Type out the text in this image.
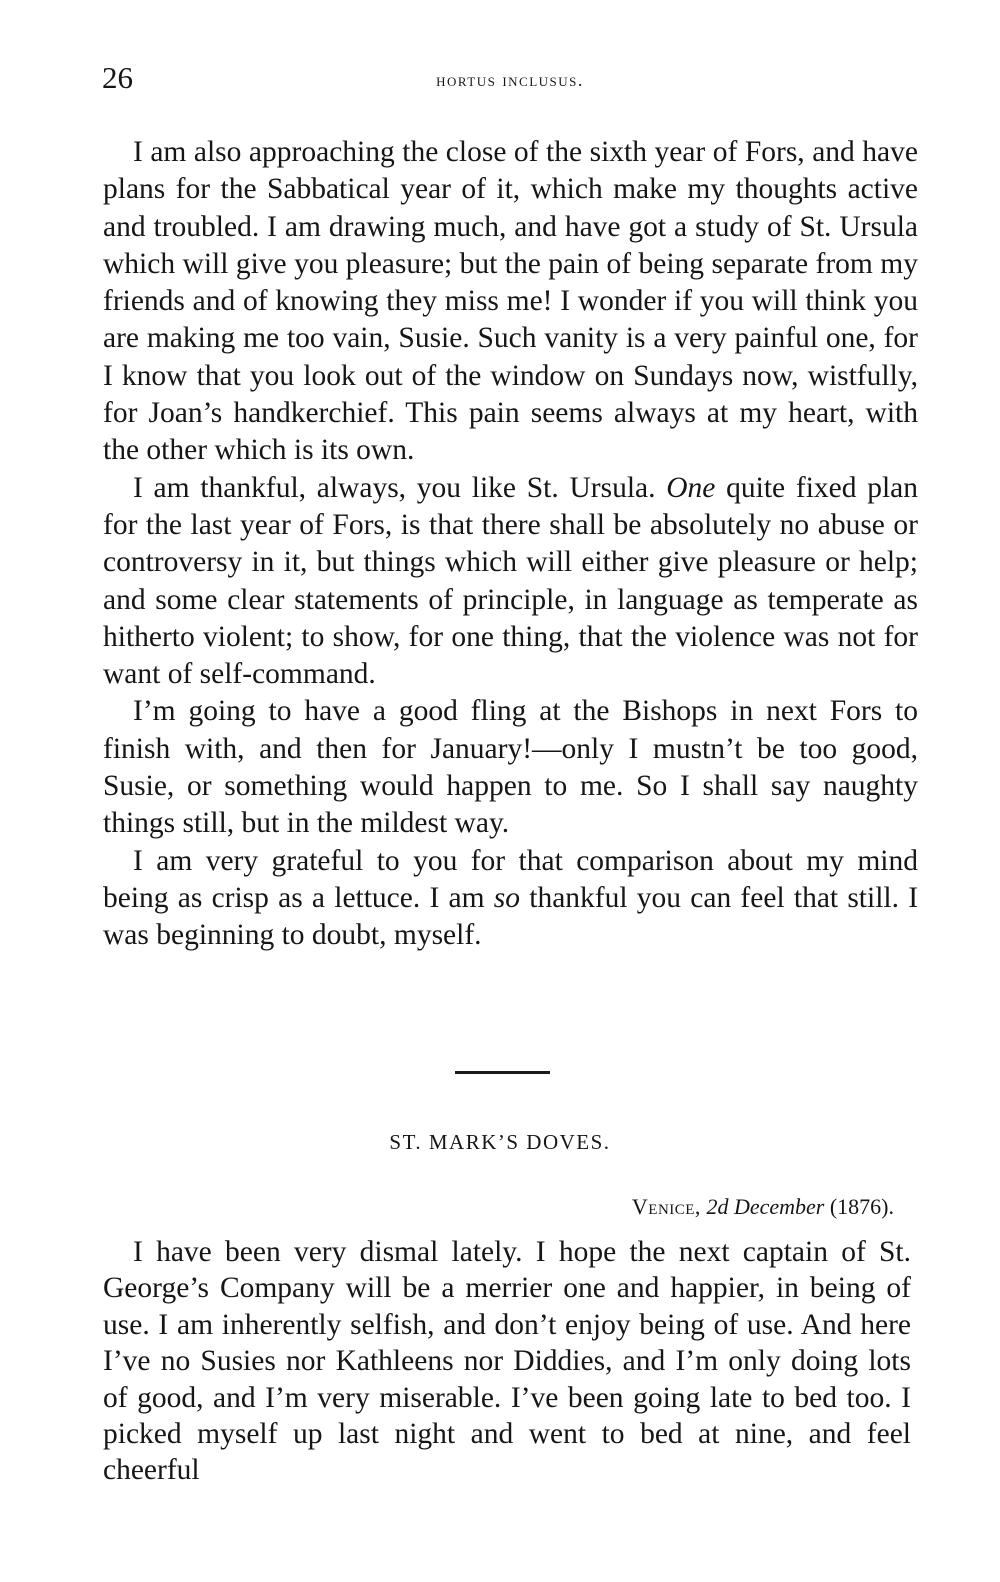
26	hortus inclusus.

I am also approaching the close of the sixth year of Fors, and have plans for the Sabbatical year of it, which make my thoughts active and troubled. I am drawing much, and have got a study of St. Ursula which will give you pleasure; but the pain of being separate from my friends and of knowing they miss me! I wonder if you will think you are making me too vain, Susie. Such vanity is a very painful one, for I know that you look out of the window on Sundays now, wistfully, for Joan’s handkerchief. This pain seems always at my heart, with the other which is its own.

I am thankful, always, you like St. Ursula. One quite fixed plan for the last year of Fors, is that there shall be absolutely no abuse or controversy in it, but things which will either give pleasure or help; and some clear statements of principle, in language as temperate as hitherto violent; to show, for one thing, that the violence was not for want of self-command.

I’m going to have a good fling at the Bishops in next Fors to finish with, and then for January!—only I mustn’t be too good, Susie, or something would happen to me. So I shall say naughty things still, but in the mildest way.

I am very grateful to you for that comparison about my mind being as crisp as a lettuce. I am so thankful you can feel that still. I was beginning to doubt, myself.

ST. MARK’S DOVES.
Venice, 2d December (1876).

I have been very dismal lately. I hope the next captain of St. George’s Company will be a merrier one and happier, in being of use. I am inherently selfish, and don’t enjoy being of use. And here I’ve no Susies nor Kathleens nor Diddies, and I’m only doing lots of good, and I’m very miserable. I’ve been going late to bed too. I picked myself up last night and went to bed at nine, and feel cheerful
